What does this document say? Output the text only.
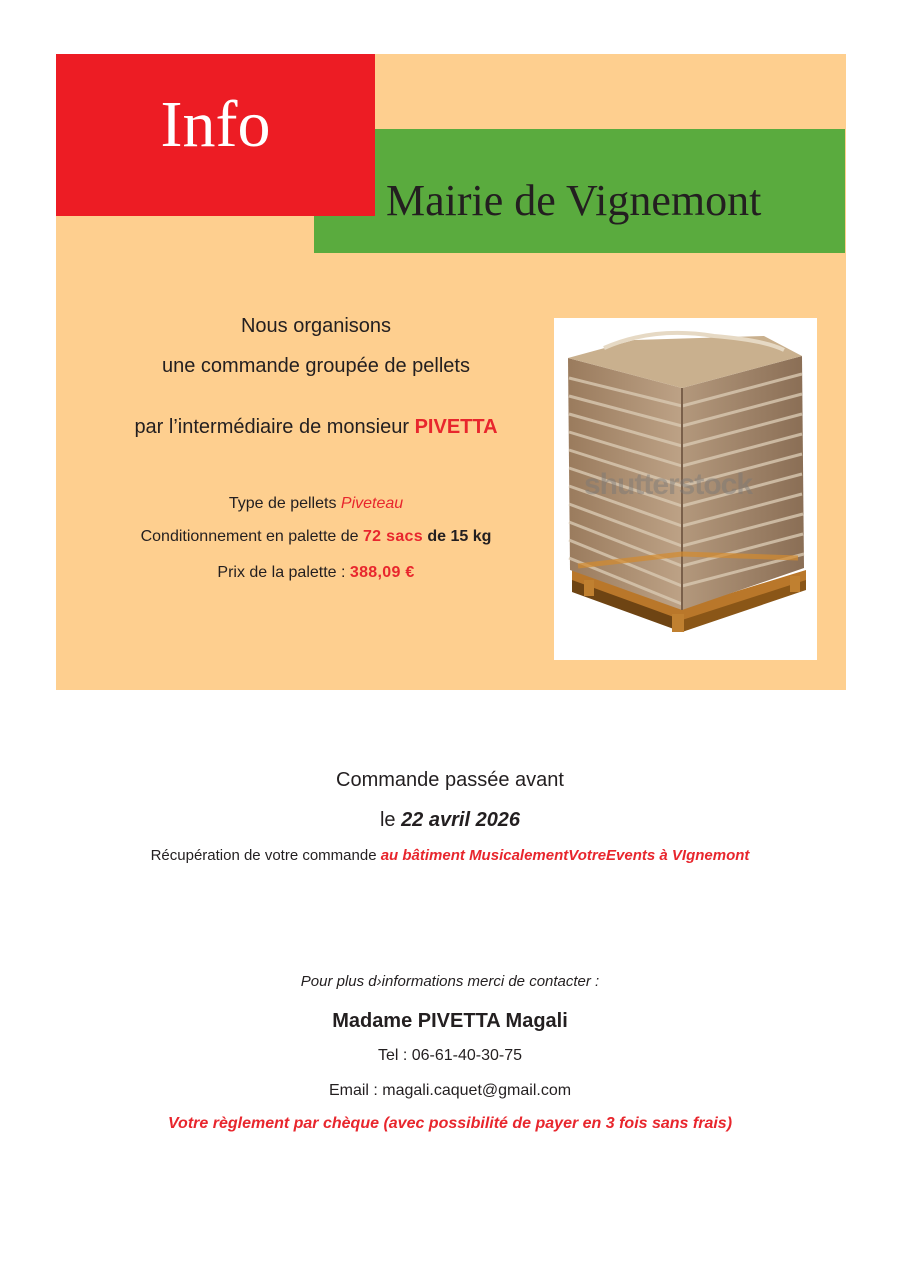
Info
Mairie de Vignemont
Nous organisons
une commande groupée de pellets
par l’intermédiaire de monsieur PIVETTA
Type de pellets Piveteau
Conditionnement en palette de 72 sacs de 15 kg
Prix de la palette : 388,09 €
shutterstock
Commande passée avant
le 22 avril 2026
Récupération de votre commande au bâtiment MusicalementVotreEvents à VIgnemont
Pour plus d›informations merci de contacter :
Madame PIVETTA Magali
Tel : 06-61-40-30-75
Email : magali.caquet@gmail.com
Votre règlement par chèque (avec possibilité de payer en 3 fois sans frais)
